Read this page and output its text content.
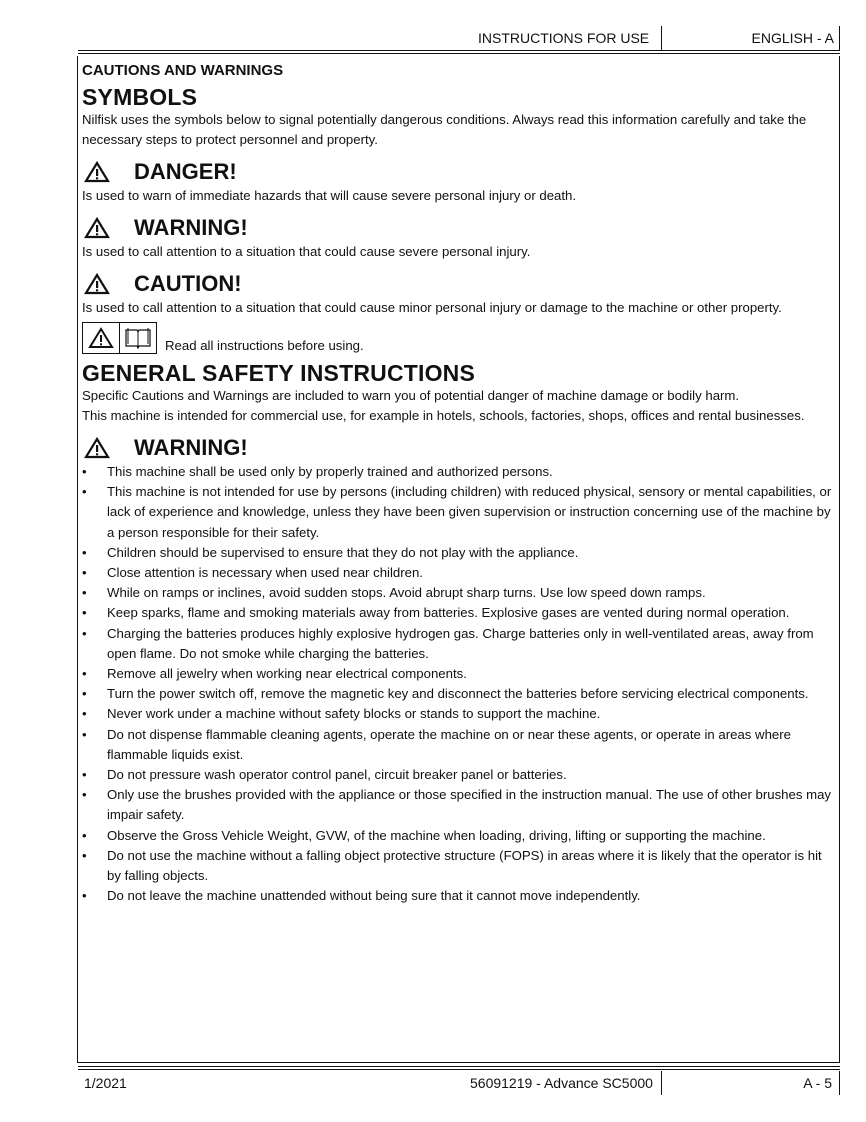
INSTRUCTIONS FOR USE	ENGLISH - A
CAUTIONS AND WARNINGS
SYMBOLS

Nilfisk uses the symbols below to signal potentially dangerous conditions. Always read this information carefully and take the necessary steps to protect personnel and property.

DANGER!

Is used to warn of immediate hazards that will cause severe personal injury or death.

WARNING!

Is used to call attention to a situation that could cause severe personal injury.

CAUTION!

Is used to call attention to a situation that could cause minor personal injury or damage to the machine or other property.

Read all instructions before using.
GENERAL SAFETY INSTRUCTIONS

Specific Cautions and Warnings are included to warn you of potential danger of machine damage or bodily harm.

This machine is intended for commercial use, for example in hotels, schools, factories, shops, offices and rental businesses.

WARNING!
• This machine shall be used only by properly trained and authorized persons.
• This machine is not intended for use by persons (including children) with reduced physical, sensory or mental capabilities, or lack of experience and knowledge, unless they have been given supervision or instruction concerning use of the machine by a person responsible for their safety.
• Children should be supervised to ensure that they do not play with the appliance.
• Close attention is necessary when used near children.
• While on ramps or inclines, avoid sudden stops. Avoid abrupt sharp turns. Use low speed down ramps.
• Keep sparks, flame and smoking materials away from batteries. Explosive gases are vented during normal operation.
• Charging the batteries produces highly explosive hydrogen gas. Charge batteries only in well-ventilated areas, away from open flame. Do not smoke while charging the batteries.
• Remove all jewelry when working near electrical components.
• Turn the power switch off, remove the magnetic key and disconnect the batteries before servicing electrical components.
• Never work under a machine without safety blocks or stands to support the machine.
• Do not dispense flammable cleaning agents, operate the machine on or near these agents, or operate in areas where flammable liquids exist.
• Do not pressure wash operator control panel, circuit breaker panel or batteries.
• Only use the brushes provided with the appliance or those specified in the instruction manual. The use of other brushes may impair safety.
• Observe the Gross Vehicle Weight, GVW, of the machine when loading, driving, lifting or supporting the machine.
• Do not use the machine without a falling object protective structure (FOPS) in areas where it is likely that the operator is hit by falling objects.
• Do not leave the machine unattended without being sure that it cannot move independently.
1/2021	56091219 - Advance SC5000	A - 5
